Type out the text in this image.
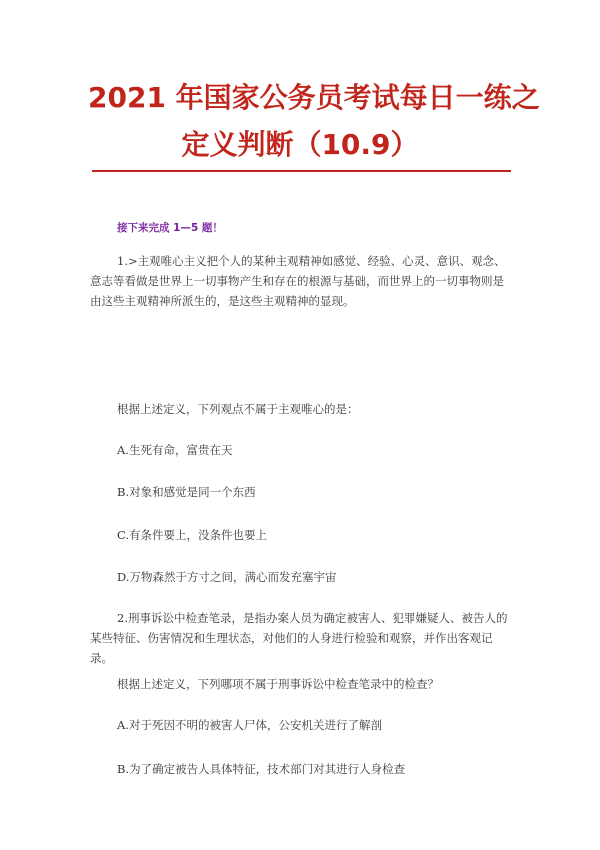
2021 年国家公务员考试每日一练之
定义判断（10.9）
接下来完成 1—5 题！

1.>主观唯心主义把个人的某种主观精神如感觉、经验、心灵、意识、观念、意志等看做是世界上一切事物产生和存在的根源与基础，而世界上的一切事物则是由这些主观精神所派生的，是这些主观精神的显现。

根据上述定义，下列观点不属于主观唯心的是：

A.生死有命，富贵在天

B.对象和感觉是同一个东西

C.有条件要上，没条件也要上

D.万物森然于方寸之间，满心而发充塞宇宙

2.刑事诉讼中检查笔录，是指办案人员为确定被害人、犯罪嫌疑人、被告人的某些特征、伤害情况和生理状态，对他们的人身进行检验和观察，并作出客观记录。

根据上述定义，下列哪项不属于刑事诉讼中检查笔录中的检查？

A.对于死因不明的被害人尸体，公安机关进行了解剖

B.为了确定被告人具体特征，技术部门对其进行人身检查
